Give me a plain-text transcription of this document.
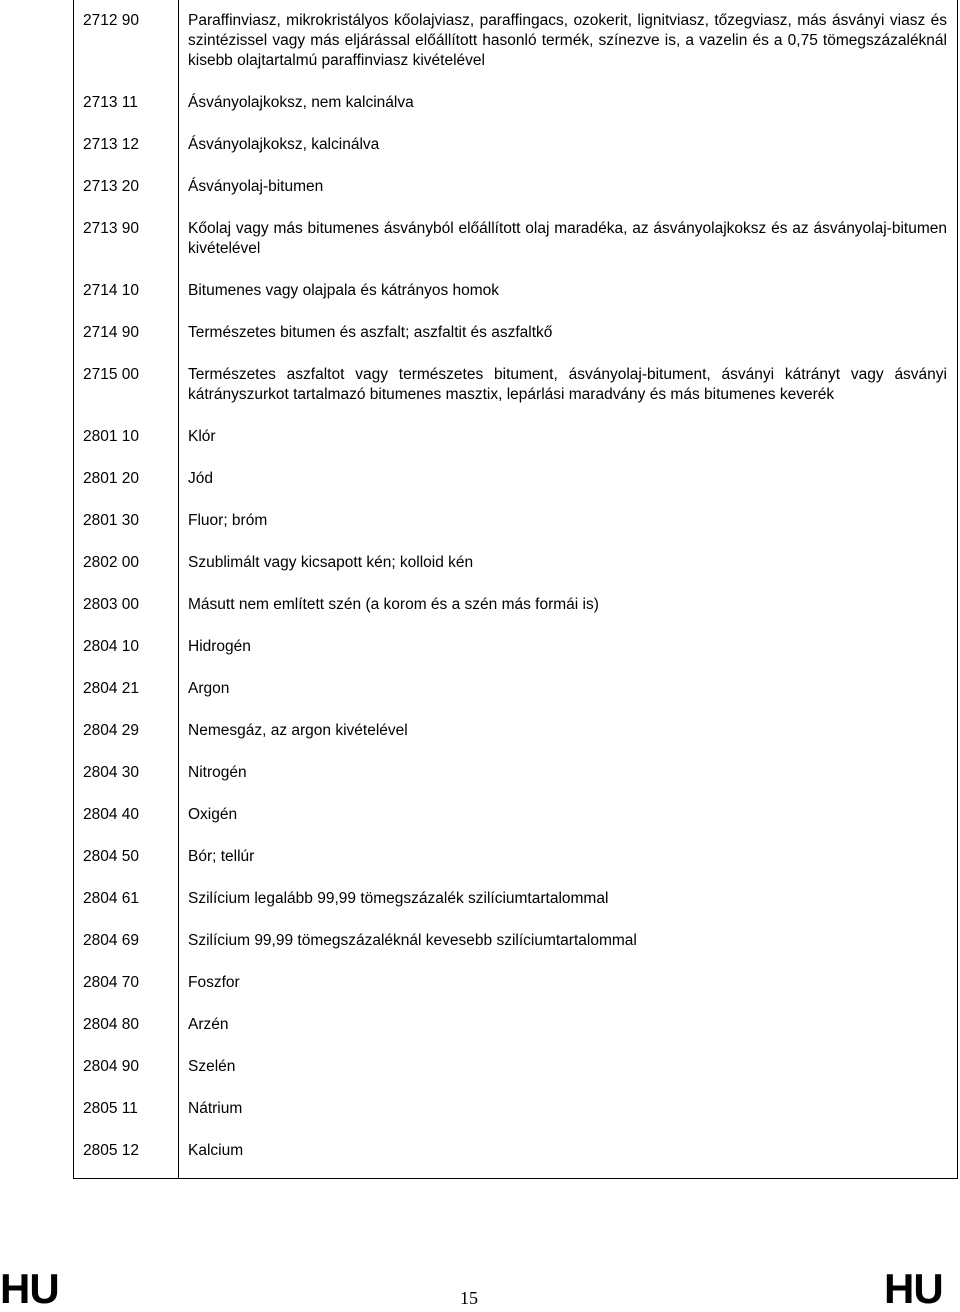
2712 90	Paraffinviasz, mikrokristályos kőolajviasz, paraffingacs, ozokerit, lignitviasz, tőzegviasz, más ásványi viasz és szintézissel vagy más eljárással előállított hasonló termék, színezve is, a vazelin és a 0,75 tömegszázaléknál kisebb olajtartalmú paraffinviasz kivételével
2713 11	Ásványolajkoksz, nem kalcinálva
2713 12	Ásványolajkoksz, kalcinálva
2713 20	Ásványolaj-bitumen
2713 90	Kőolaj vagy más bitumenes ásványból előállított olaj maradéka, az ásványolajkoksz és az ásványolaj-bitumen kivételével
2714 10	Bitumenes vagy olajpala és kátrányos homok
2714 90	Természetes bitumen és aszfalt; aszfaltit és aszfaltkő
2715 00	Természetes aszfaltot vagy természetes bitument, ásványolaj-bitument, ásványi kátrányt vagy ásványi kátrányszurkot tartalmazó bitumenes masztix, lepárlási maradvány és más bitumenes keverék
2801 10	Klór
2801 20	Jód
2801 30	Fluor; bróm
2802 00	Szublimált vagy kicsapott kén; kolloid kén
2803 00	Másutt nem említett szén (a korom és a szén más formái is)
2804 10	Hidrogén
2804 21	Argon
2804 29	Nemesgáz, az argon kivételével
2804 30	Nitrogén
2804 40	Oxigén
2804 50	Bór; tellúr
2804 61	Szilícium legalább 99,99 tömegszázalék szilíciumtartalommal
2804 69	Szilícium 99,99 tömegszázaléknál kevesebb szilíciumtartalommal
2804 70	Foszfor
2804 80	Arzén
2804 90	Szelén
2805 11	Nátrium
2805 12	Kalcium
HU	15	HU
